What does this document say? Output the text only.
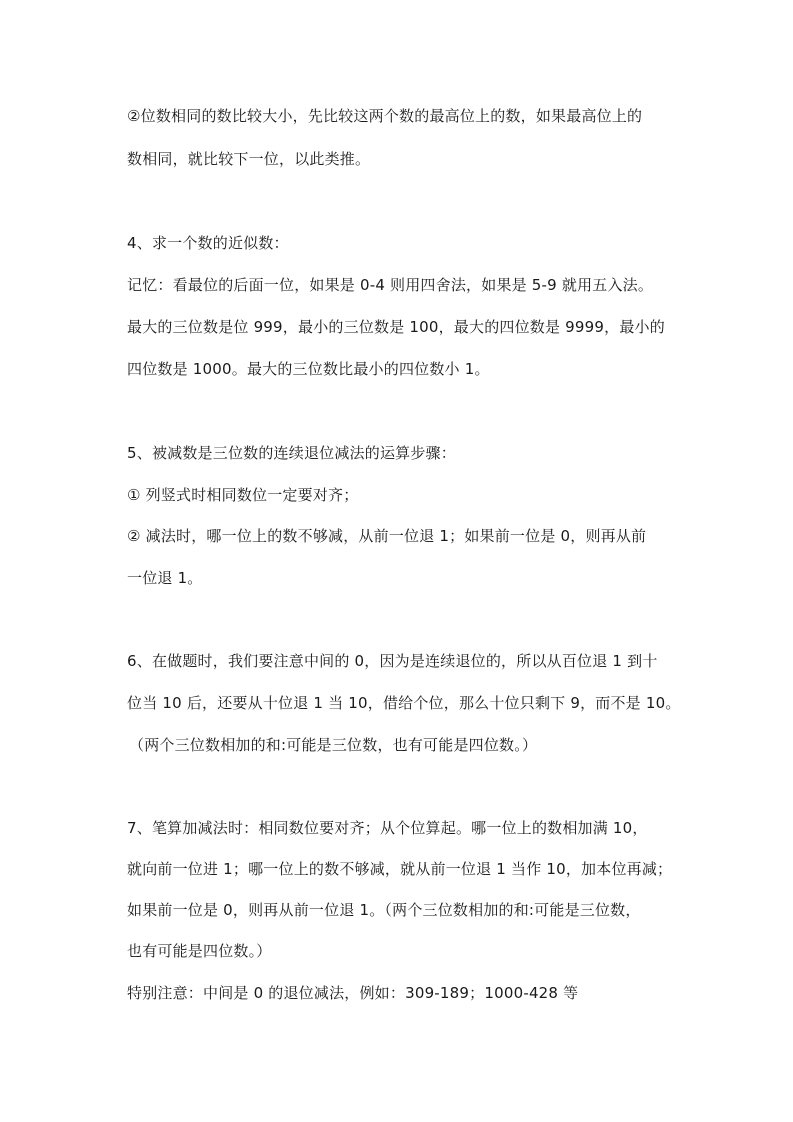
②位数相同的数比较大小，先比较这两个数的最高位上的数，如果最高位上的

数相同，就比较下一位，以此类推。

4、求一个数的近似数：

记忆：看最位的后面一位，如果是 0-4 则用四舍法，如果是 5-9 就用五入法。

最大的三位数是位 999，最小的三位数是 100，最大的四位数是 9999，最小的

四位数是 1000。最大的三位数比最小的四位数小 1。

5、被减数是三位数的连续退位减法的运算步骤：

① 列竖式时相同数位一定要对齐；

② 减法时，哪一位上的数不够减，从前一位退 1；如果前一位是 0，则再从前

一位退 1。

6、在做题时，我们要注意中间的 0，因为是连续退位的，所以从百位退 1 到十

位当 10 后，还要从十位退 1 当 10，借给个位，那么十位只剩下 9，而不是 10。

（两个三位数相加的和:可能是三位数，也有可能是四位数。）

7、笔算加减法时：相同数位要对齐；从个位算起。哪一位上的数相加满 10，

就向前一位进 1；哪一位上的数不够减，就从前一位退 1 当作 10，加本位再减；

如果前一位是 0，则再从前一位退 1。（两个三位数相加的和:可能是三位数，

也有可能是四位数。）

特别注意：中间是 0 的退位减法，例如：309-189；1000-428 等
